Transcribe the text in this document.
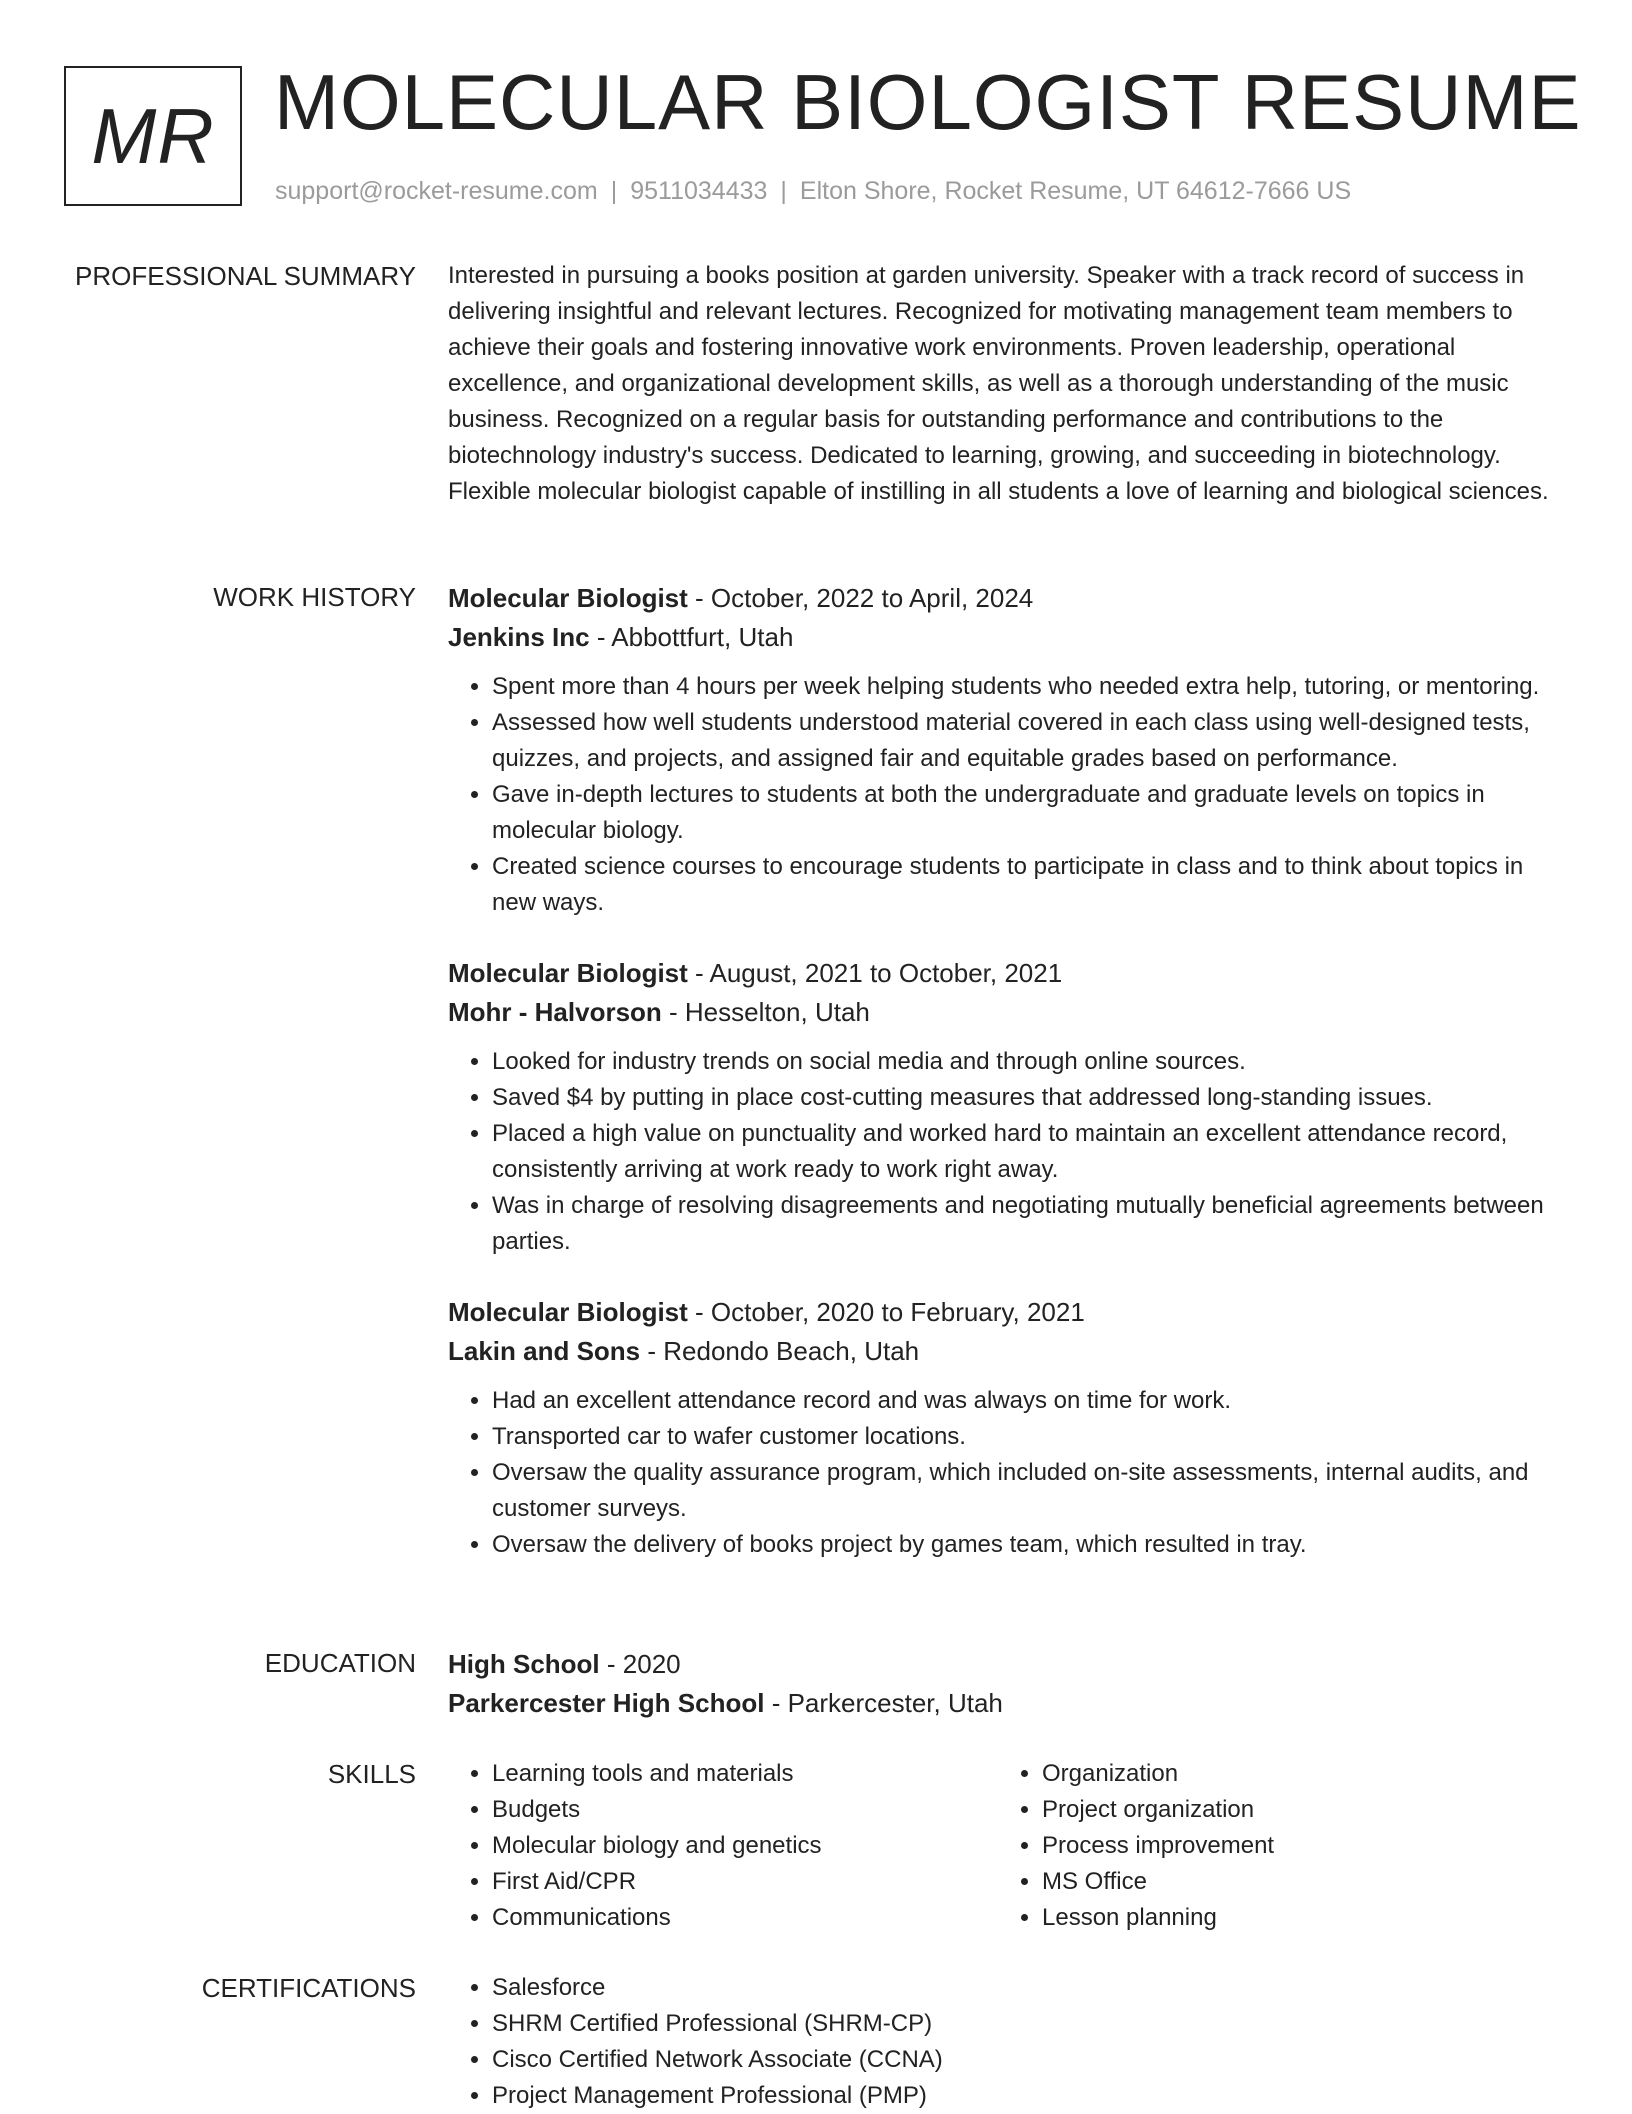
MR MOLECULAR BIOLOGIST RESUME
support@rocket-resume.com | 9511034433 | Elton Shore, Rocket Resume, UT 64612-7666 US
PROFESSIONAL SUMMARY Interested in pursuing a books position at garden university. Speaker with a track record of success in delivering insightful and relevant lectures. Recognized for motivating management team members to achieve their goals and fostering innovative work environments. Proven leadership, operational excellence, and organizational development skills, as well as a thorough understanding of the music business. Recognized on a regular basis for outstanding performance and contributions to the biotechnology industry's success. Dedicated to learning, growing, and succeeding in biotechnology. Flexible molecular biologist capable of instilling in all students a love of learning and biological sciences.

WORK HISTORY Molecular Biologist - October, 2022 to April, 2024
Jenkins Inc - Abbottfurt, Utah
• Spent more than 4 hours per week helping students who needed extra help, tutoring, or mentoring.
• Assessed how well students understood material covered in each class using well-designed tests, quizzes, and projects, and assigned fair and equitable grades based on performance.
• Gave in-depth lectures to students at both the undergraduate and graduate levels on topics in molecular biology.
• Created science courses to encourage students to participate in class and to think about topics in new ways.
Molecular Biologist - August, 2021 to October, 2021
Mohr - Halvorson - Hesselton, Utah
• Looked for industry trends on social media and through online sources.
• Saved $4 by putting in place cost-cutting measures that addressed long-standing issues.
• Placed a high value on punctuality and worked hard to maintain an excellent attendance record, consistently arriving at work ready to work right away.
• Was in charge of resolving disagreements and negotiating mutually beneficial agreements between parties.
Molecular Biologist - October, 2020 to February, 2021
Lakin and Sons - Redondo Beach, Utah
• Had an excellent attendance record and was always on time for work.
• Transported car to wafer customer locations.
• Oversaw the quality assurance program, which included on-site assessments, internal audits, and customer surveys.
• Oversaw the delivery of books project by games team, which resulted in tray.
EDUCATION High School - 2020
Parkercester High School - Parkercester, Utah
SKILLS	• Learning tools and materials
• Budgets
• Molecular biology and genetics
• First Aid/CPR
• Communications
• Organization
• Project organization
• Process improvement
• MS Office
• Lesson planning
CERTIFICATIONS	• Salesforce
• SHRM Certified Professional (SHRM-CP)
• Cisco Certified Network Associate (CCNA)
• Project Management Professional (PMP)
